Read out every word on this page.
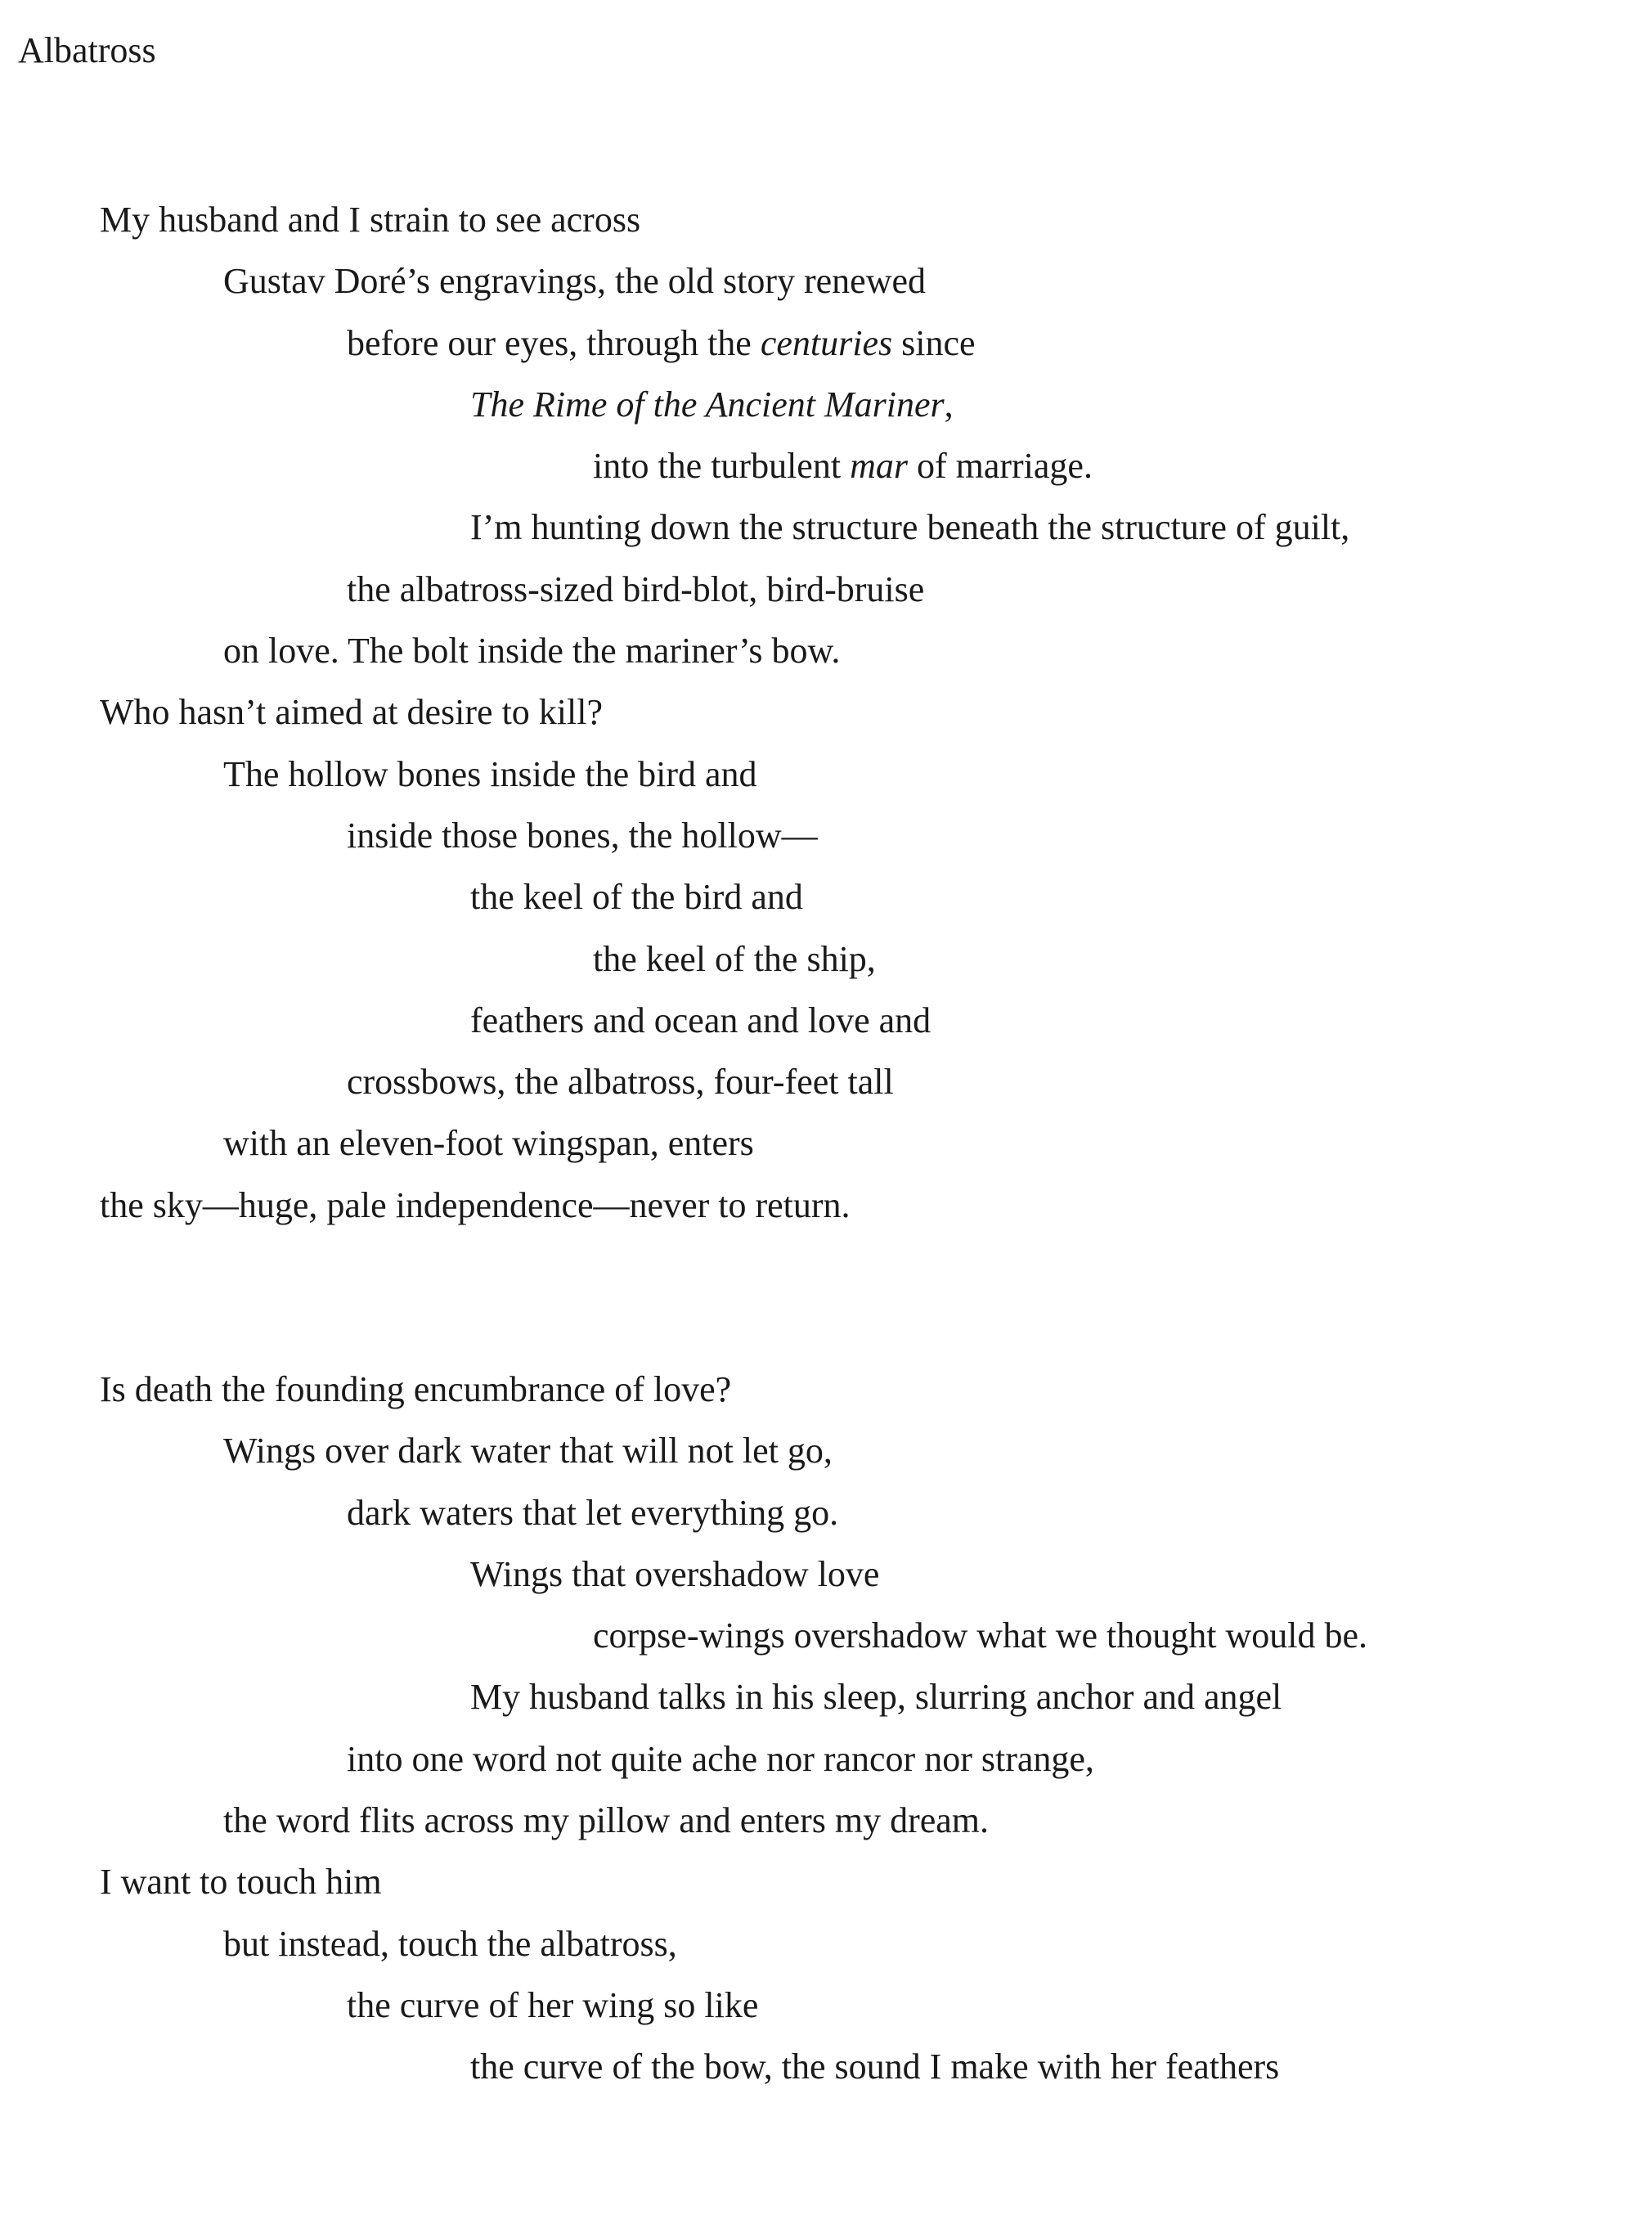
Albatross
My husband and I strain to see across
Gustav Doré’s engravings, the old story renewed
before our eyes, through the centuries since
The Rime of the Ancient Mariner,
into the turbulent mar of marriage.
I’m hunting down the structure beneath the structure of guilt,
the albatross-sized bird-blot, bird-bruise
on love. The bolt inside the mariner’s bow.
Who hasn’t aimed at desire to kill?
The hollow bones inside the bird and
inside those bones, the hollow—
the keel of the bird and
the keel of the ship,
feathers and ocean and love and
crossbows, the albatross, four-feet tall
with an eleven-foot wingspan, enters
the sky—huge, pale independence—never to return.
Is death the founding encumbrance of love?
Wings over dark water that will not let go,
dark waters that let everything go.
Wings that overshadow love
corpse-wings overshadow what we thought would be.
My husband talks in his sleep, slurring anchor and angel
into one word not quite ache nor rancor nor strange,
the word flits across my pillow and enters my dream.
I want to touch him
but instead, touch the albatross,
the curve of her wing so like
the curve of the bow, the sound I make with her feathers
